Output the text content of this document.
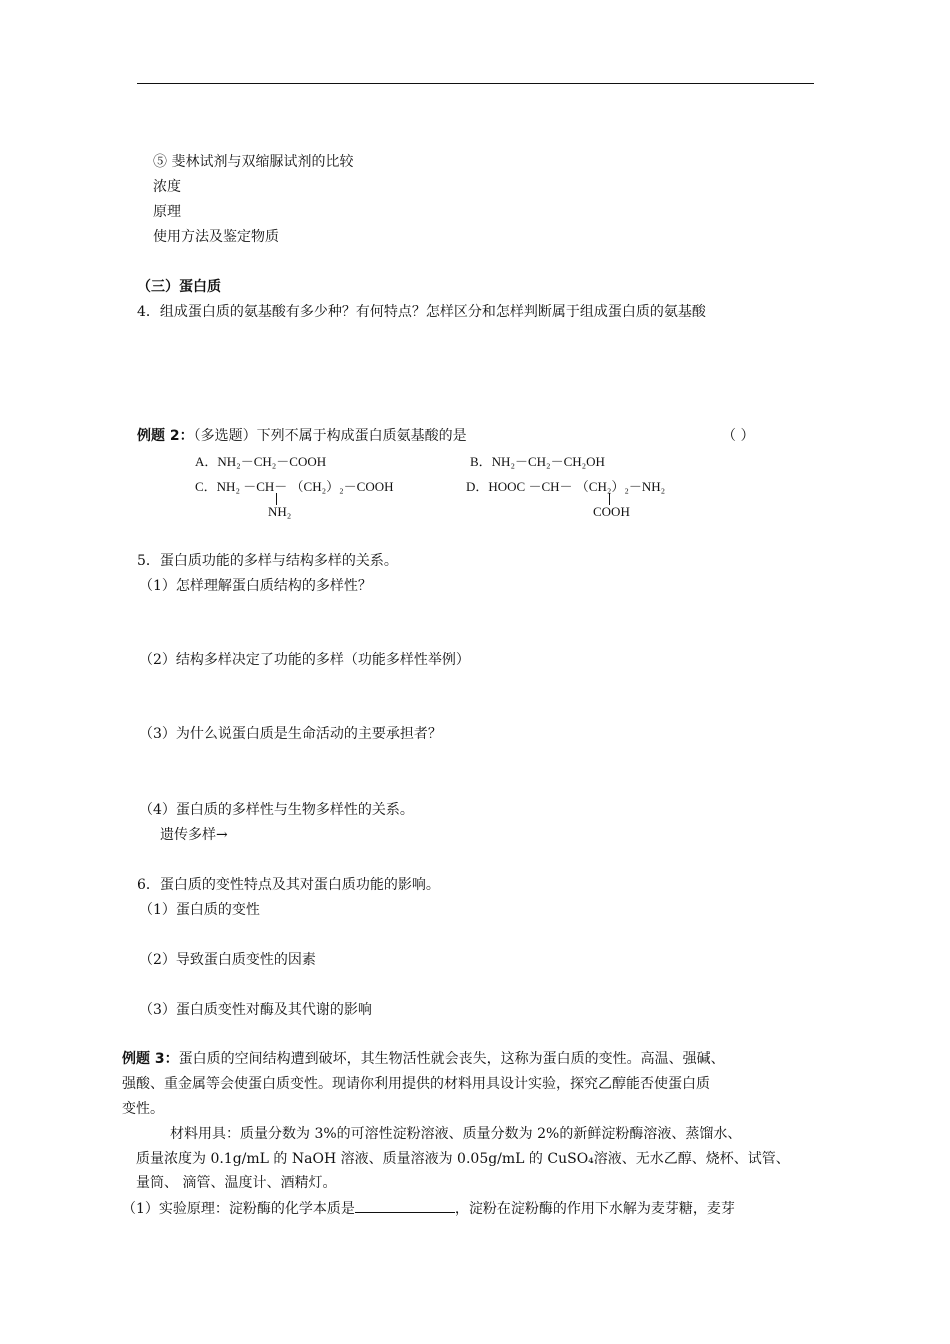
⑤ 斐林试剂与双缩脲试剂的比较
浓度
原理
使用方法及鉴定物质
（三）蛋白质
4．组成蛋白质的氨基酸有多少种？有何特点？怎样区分和怎样判断属于组成蛋白质的氨基酸
例题 2：（多选题）下列不属于构成蛋白质氨基酸的是	（ ）
A．NH₂－CH₂－COOH	B．NH₂－CH₂－CH₂OH
C．NH₂ －CH－ （CH₂）₂－COOH
NH₂
D．HOOC －CH－ （CH₂）₂－NH₂
COOH
5．蛋白质功能的多样与结构多样的关系。
（1）怎样理解蛋白质结构的多样性？
（2）结构多样决定了功能的多样（功能多样性举例）
（3）为什么说蛋白质是生命活动的主要承担者？
（4）蛋白质的多样性与生物多样性的关系。
遗传多样→
6．蛋白质的变性特点及其对蛋白质功能的影响。
（1）蛋白质的变性
（2）导致蛋白质变性的因素
（3）蛋白质变性对酶及其代谢的影响
例题 3：蛋白质的空间结构遭到破坏，其生物活性就会丧失，这称为蛋白质的变性。高温、强碱、
强酸、重金属等会使蛋白质变性。现请你利用提供的材料用具设计实验，探究乙醇能否使蛋白质
变性。
材料用具：质量分数为 3%的可溶性淀粉溶液、质量分数为 2%的新鲜淀粉酶溶液、蒸馏水、
质量浓度为 0.1g/mL 的 NaOH 溶液、质量溶液为 0.05g/mL 的 CuSO₄溶液、无水乙醇、烧杯、试管、
量筒、 滴管、温度计、酒精灯。
（1）实验原理：淀粉酶的化学本质是	，淀粉在淀粉酶的作用下水解为麦芽糖，麦芽
